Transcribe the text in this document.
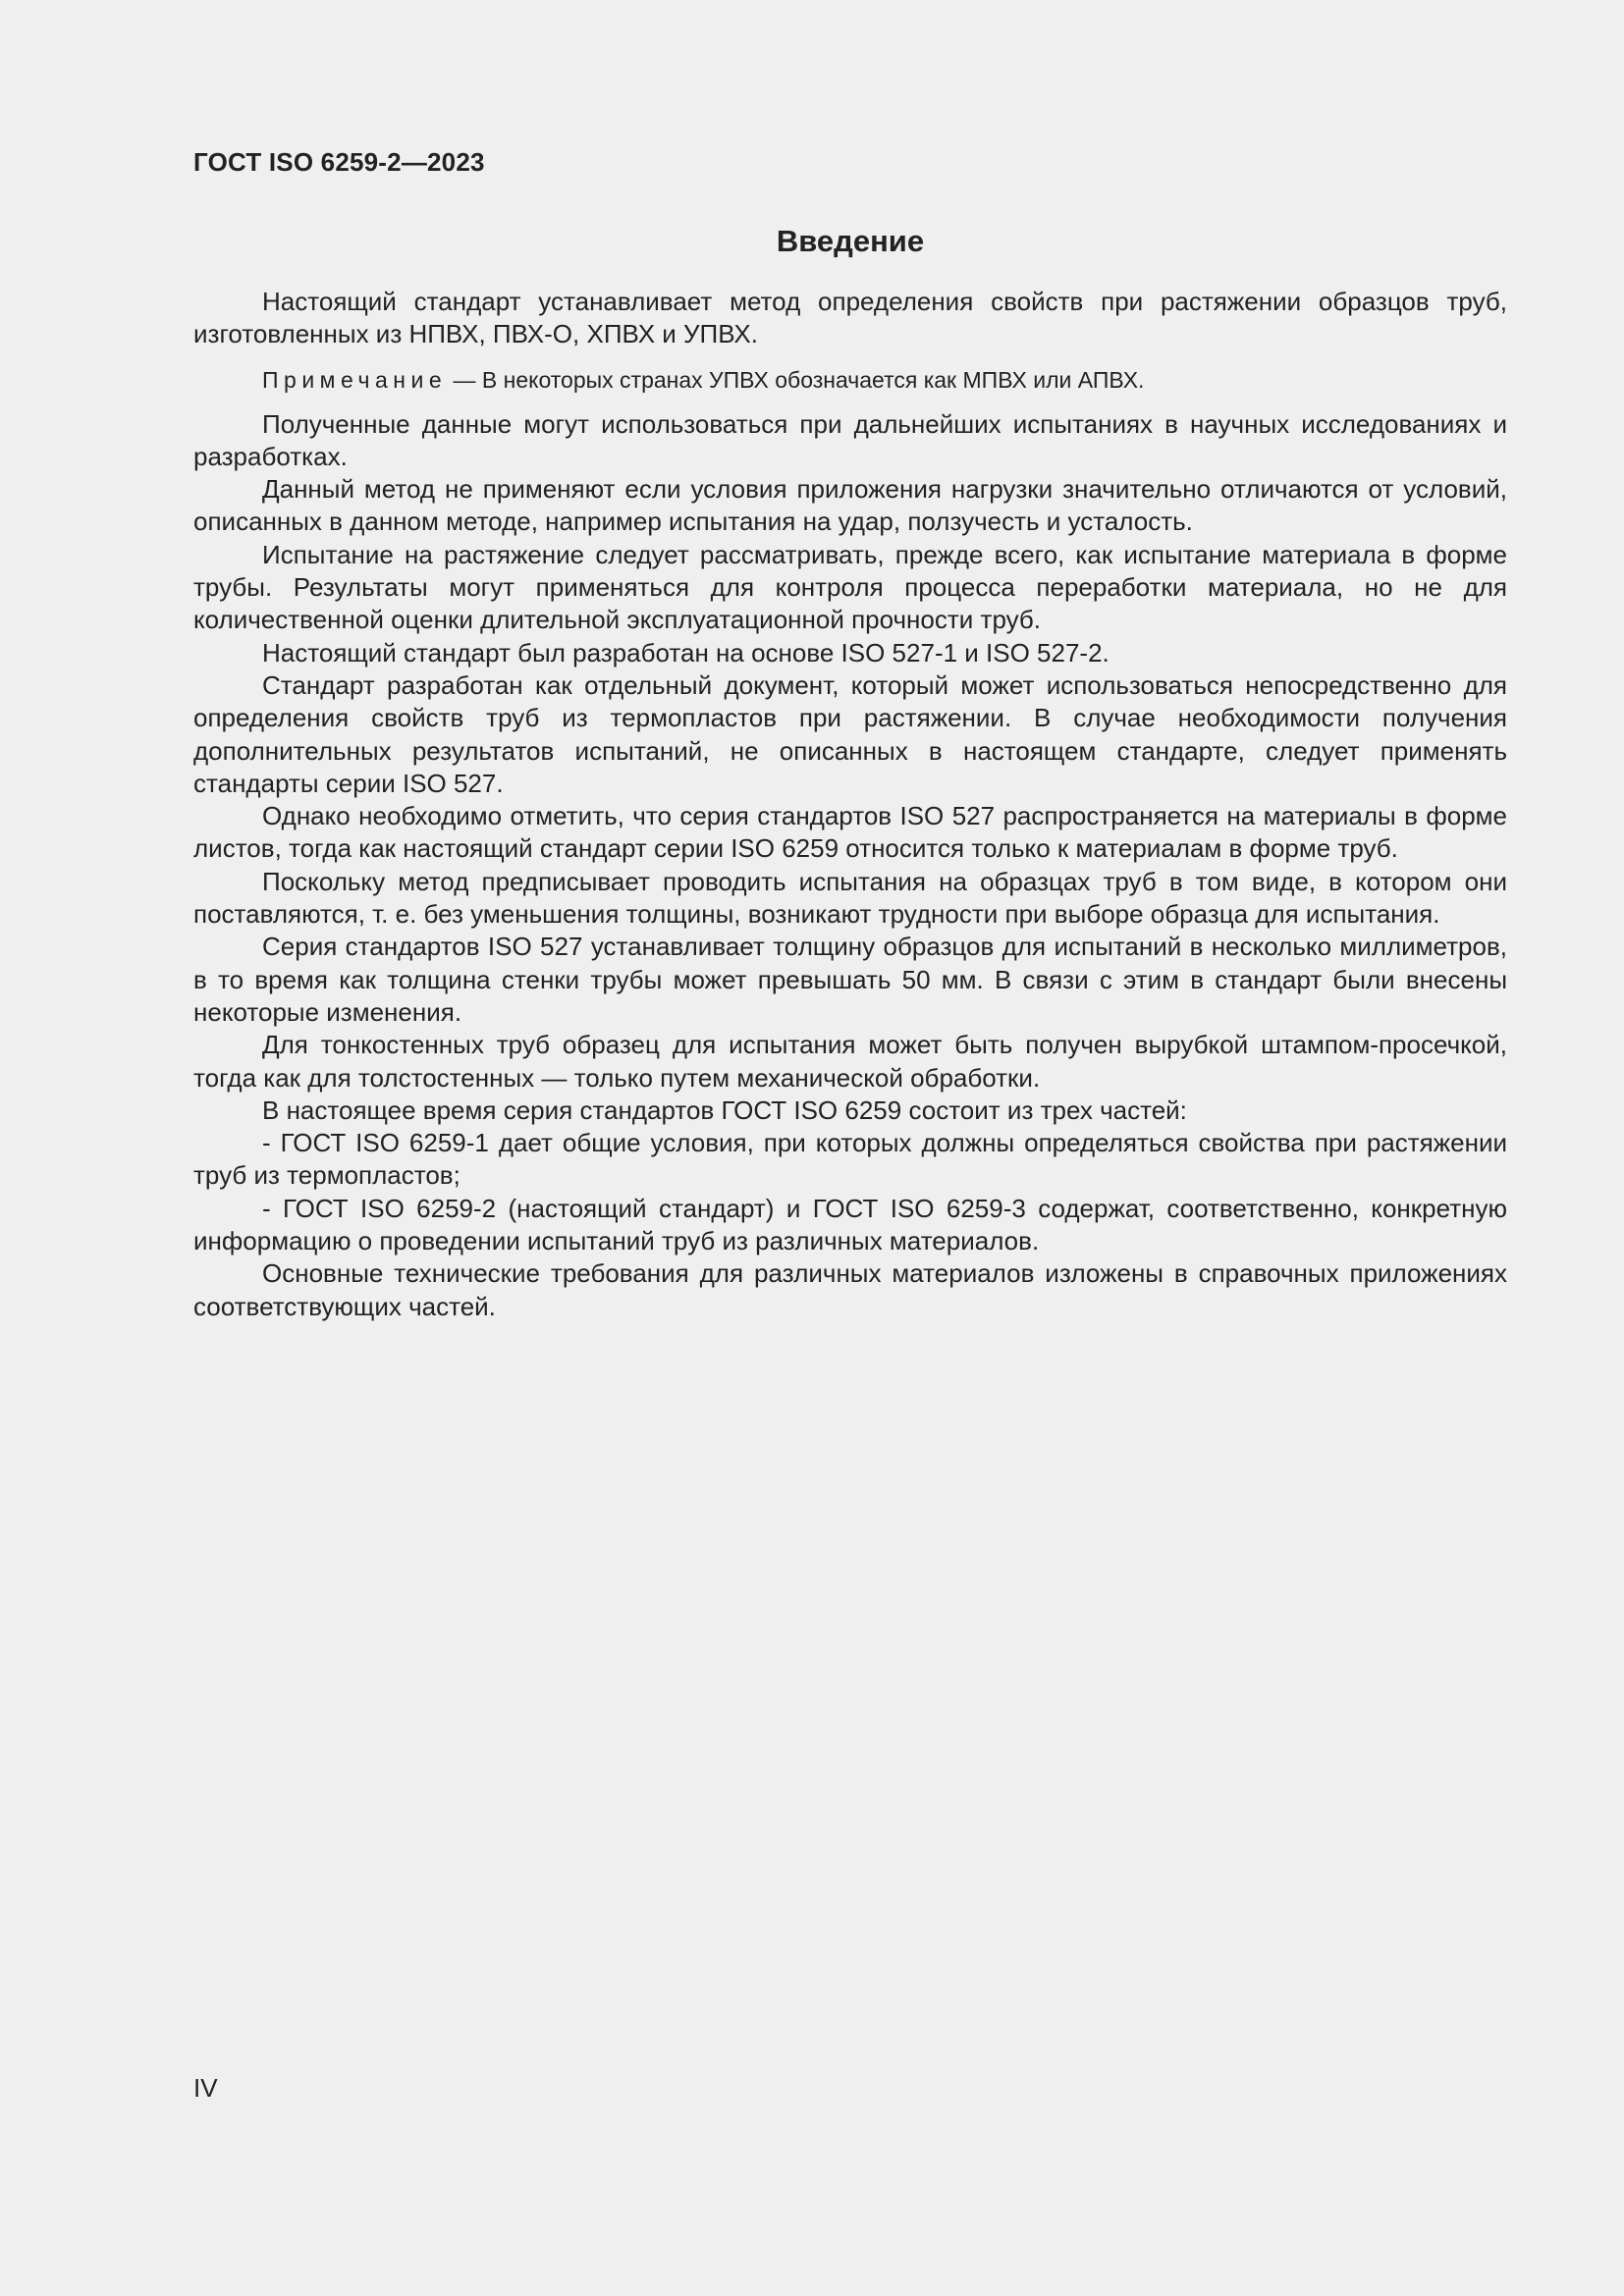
ГОСТ ISO 6259-2—2023
Введение

Настоящий стандарт устанавливает метод определения свойств при растяжении образцов труб, изготовленных из НПВХ, ПВХ-О, ХПВХ и УПВХ.

Примечание — В некоторых странах УПВХ обозначается как МПВХ или АПВХ.

Полученные данные могут использоваться при дальнейших испытаниях в научных исследованиях и разработках.

Данный метод не применяют если условия приложения нагрузки значительно отличаются от условий, описанных в данном методе, например испытания на удар, ползучесть и усталость.

Испытание на растяжение следует рассматривать, прежде всего, как испытание материала в форме трубы. Результаты могут применяться для контроля процесса переработки материала, но не для количественной оценки длительной эксплуатационной прочности труб.

Настоящий стандарт был разработан на основе ISO 527-1 и ISO 527-2.

Стандарт разработан как отдельный документ, который может использоваться непосредственно для определения свойств труб из термопластов при растяжении. В случае необходимости получения дополнительных результатов испытаний, не описанных в настоящем стандарте, следует применять стандарты серии ISO 527.

Однако необходимо отметить, что серия стандартов ISO 527 распространяется на материалы в форме листов, тогда как настоящий стандарт серии ISO 6259 относится только к материалам в форме труб.

Поскольку метод предписывает проводить испытания на образцах труб в том виде, в котором они поставляются, т. е. без уменьшения толщины, возникают трудности при выборе образца для испытания.

Серия стандартов ISO 527 устанавливает толщину образцов для испытаний в несколько миллиметров, в то время как толщина стенки трубы может превышать 50 мм. В связи с этим в стандарт были внесены некоторые изменения.

Для тонкостенных труб образец для испытания может быть получен вырубкой штампом-просечкой, тогда как для толстостенных — только путем механической обработки.

В настоящее время серия стандартов ГОСТ ISO 6259 состоит из трех частей:

- ГОСТ ISO 6259-1 дает общие условия, при которых должны определяться свойства при растяжении труб из термопластов;

- ГОСТ ISO 6259-2 (настоящий стандарт) и ГОСТ ISO 6259-3 содержат, соответственно, конкретную информацию о проведении испытаний труб из различных материалов.

Основные технические требования для различных материалов изложены в справочных приложениях соответствующих частей.

IV
